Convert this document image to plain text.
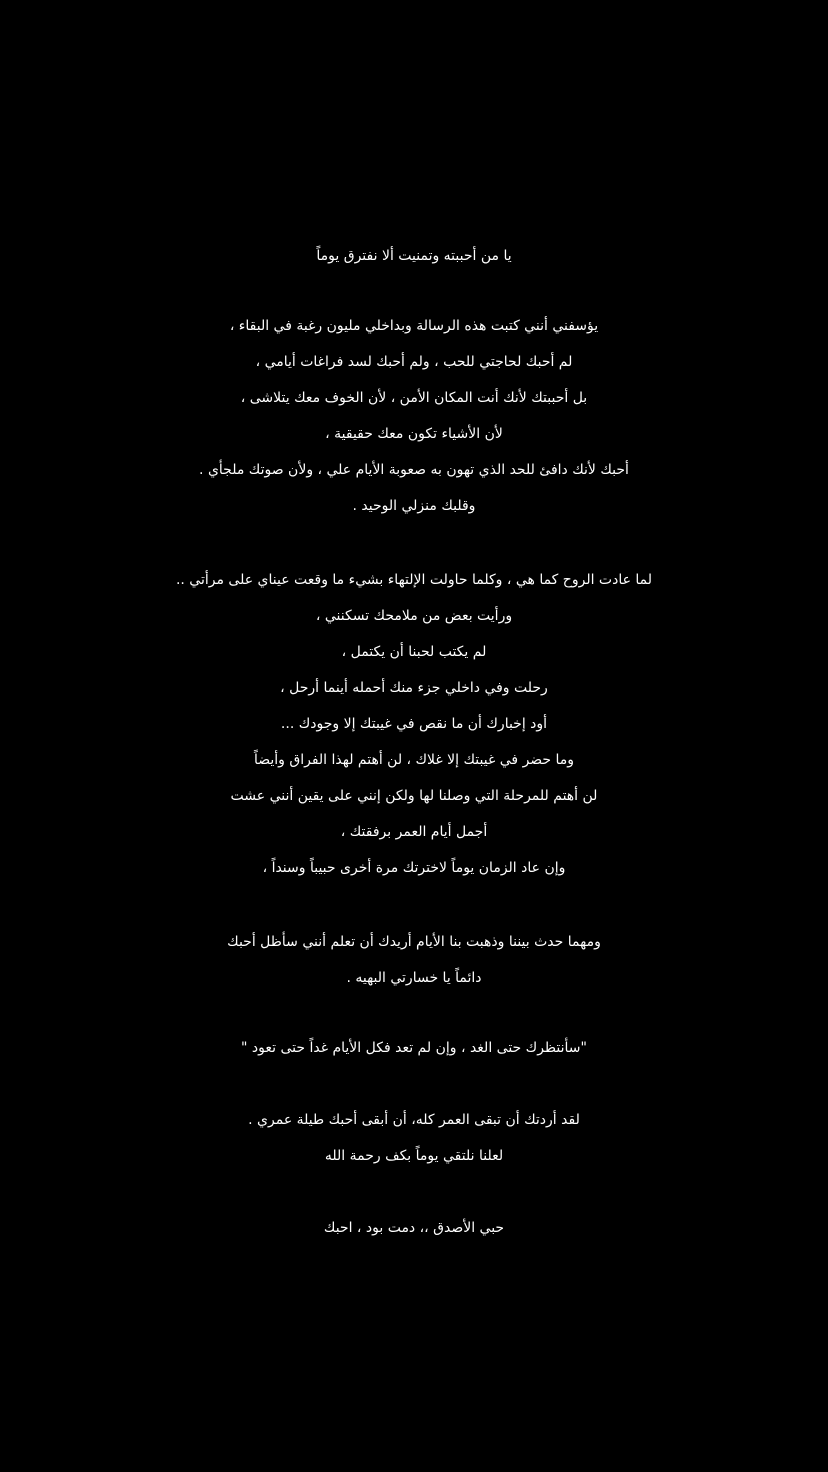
يا من أحببته وتمنيت ألا نفترق يوماً
يؤسفني أنني كتبت هذه الرسالة وبداخلي مليون رغبة في البقاء ،
لم أحبك لحاجتي للحب ، ولم أحبك لسد فراغات أيامي ،
بل أحببتك لأنك أنت المكان الأمن ، لأن الخوف معك يتلاشى ،
لأن الأشياء تكون معك حقيقية ،
أحبك لأنك دافئ للحد الذي تهون به صعوبة الأيام علي ، ولأن صوتك ملجأي .
وقلبك منزلي الوحيد .
لما عادت الروح كما هي ، وكلما حاولت الإلتهاء بشيء ما وقعت عيناي على مرأتي ..
ورأيت بعض من ملامحك تسكنني ،
لم يكتب لحبنا أن يكتمل ،
رحلت وفي داخلي جزء منك أحمله أينما أرحل ،
أود إخبارك أن ما نقص في غيبتك إلا وجودك ...
وما حضر في غيبتك إلا غلاك ، لن أهتم لهذا الفراق وأيضاً
لن أهتم للمرحلة التي وصلنا لها ولكن إنني على يقين أنني عشت
أجمل أيام العمر برفقتك ،
وإن عاد الزمان يوماً لاخترتك مرة أخرى حبيباً وسنداً ،
ومهما حدث بيننا وذهبت بنا الأيام أريدك أن تعلم أنني سأظل أحبك
دائماً يا خسارتي البهيه .
"سأنتظرك حتى الغد ، وإن لم تعد فكل الأيام غداً حتى تعود "
لقد أردتك أن تبقى العمر كله، أن أبقى أحبك طيلة عمري .
لعلنا نلتقي يوماً بكف رحمة الله
حبي الأصدق ،، دمت بود ، احبك
